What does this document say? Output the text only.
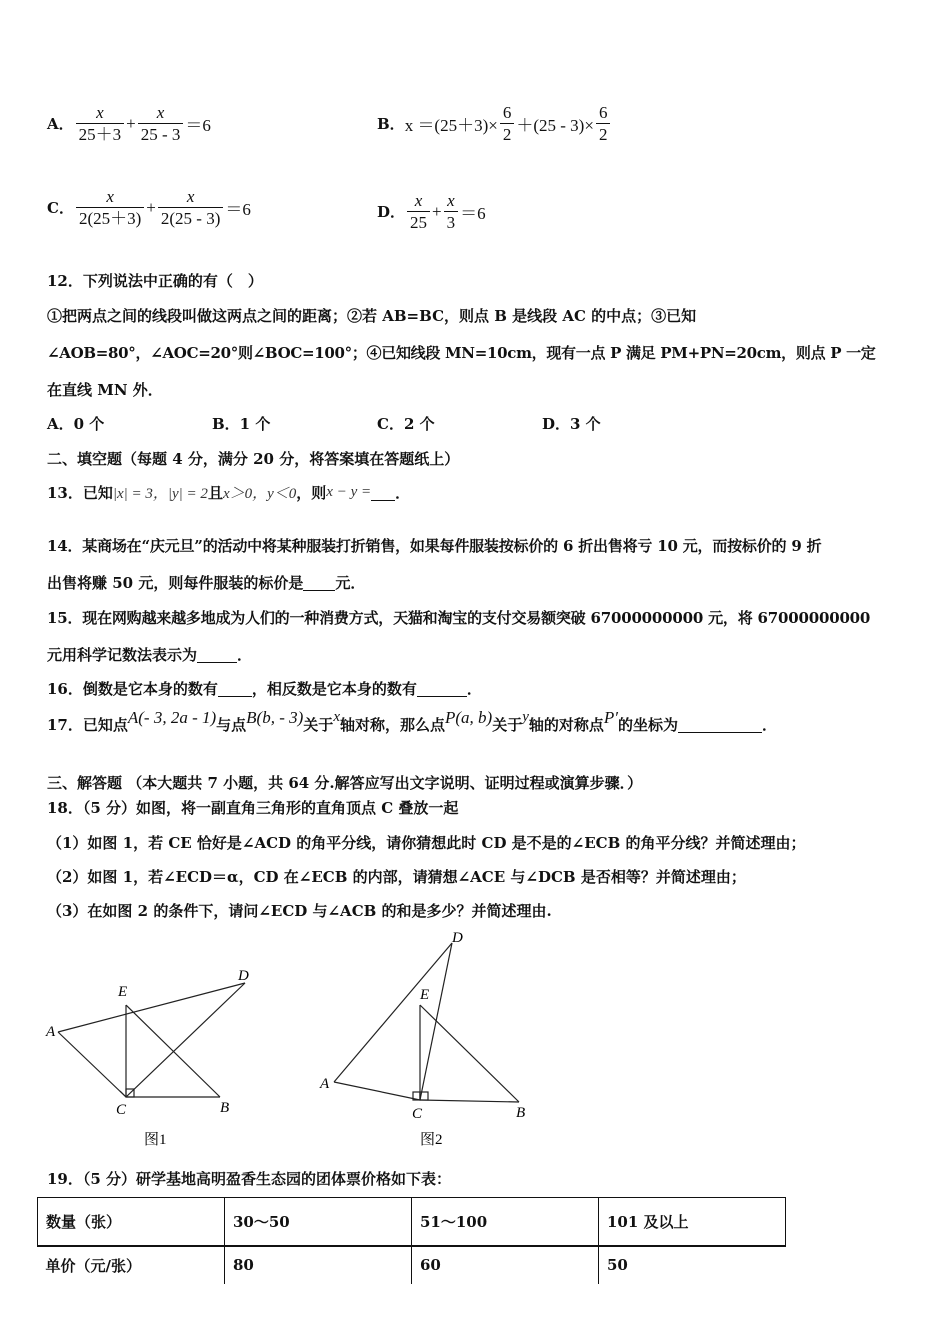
A． $\frac{x}{25+3} + \frac{x}{25 - 3} =6$	B． $x =(25+3)\times \frac{6}{2} +(25 - 3)\times \frac{6}{2}$
C． $\frac{x}{2(25+3)} + \frac{x}{2(25 - 3)} =6$	D． $\frac{x}{25} + \frac{x}{3} =6$
12．下列说法中正确的有（　）
①把两点之间的线段叫做这两点之间的距离；②若 AB=BC，则点 B 是线段 AC 的中点；③已知
∠AOB=80°，∠AOC=20°则∠BOC=100°；④已知线段 MN=10cm，现有一点 P 满足 PM+PN=20cm，则点 P 一定
在直线 MN 外．
A．0 个	B．1 个	C．2 个	D．3 个
二、填空题（每题 4 分，满分 20 分，将答案填在答题纸上）
13．已知 |x| = 3，|y| = 2 且 x＞0，y＜0 ，则 x − y = ．
14．某商场在“庆元旦”的活动中将某种服装打折销售，如果每件服装按标价的 6 折出售将亏 10 元，而按标价的 9 折
出售将赚 50 元，则每件服装的标价是 元．
15．现在网购越来越多地成为人们的一种消费方式，天猫和淘宝的支付交易额突破 67000000000 元，将 67000000000
元用科学记数法表示为	．
16．倒数是它本身的数有 ，相反数是它本身的数有	．
17．已知点 A(- 3, 2a - 1) 与点 B(b, - 3) 关于 x 轴对称，那么点 P(a, b) 关于 y 轴的对称点 P′ 的坐标为	．
三、解答题 （本大题共 7 小题，共 64 分.解答应写出文字说明、证明过程或演算步骤．）
18．（5 分）如图，将一副直角三角形的直角顶点 C 叠放一起
（1）如图 1，若 CE 恰好是∠ACD 的角平分线，请你猜想此时 CD 是不是的∠ECB 的角平分线？并简述理由；
（2）如图 1，若∠ECD＝α，CD 在∠ECB 的内部，请猜想∠ACE 与∠DCB 是否相等？并简述理由；
（3）在如图 2 的条件下，请问∠ECD 与∠ACB 的和是多少？并简述理由.
A
E
D
C	B
图1
A
E
D
C	B
图2
19．（5 分）研学基地高明盈香生态园的团体票价格如下表：
数量（张）	30～50	51～100	101 及以上
单价（元/张）	80	60	50
